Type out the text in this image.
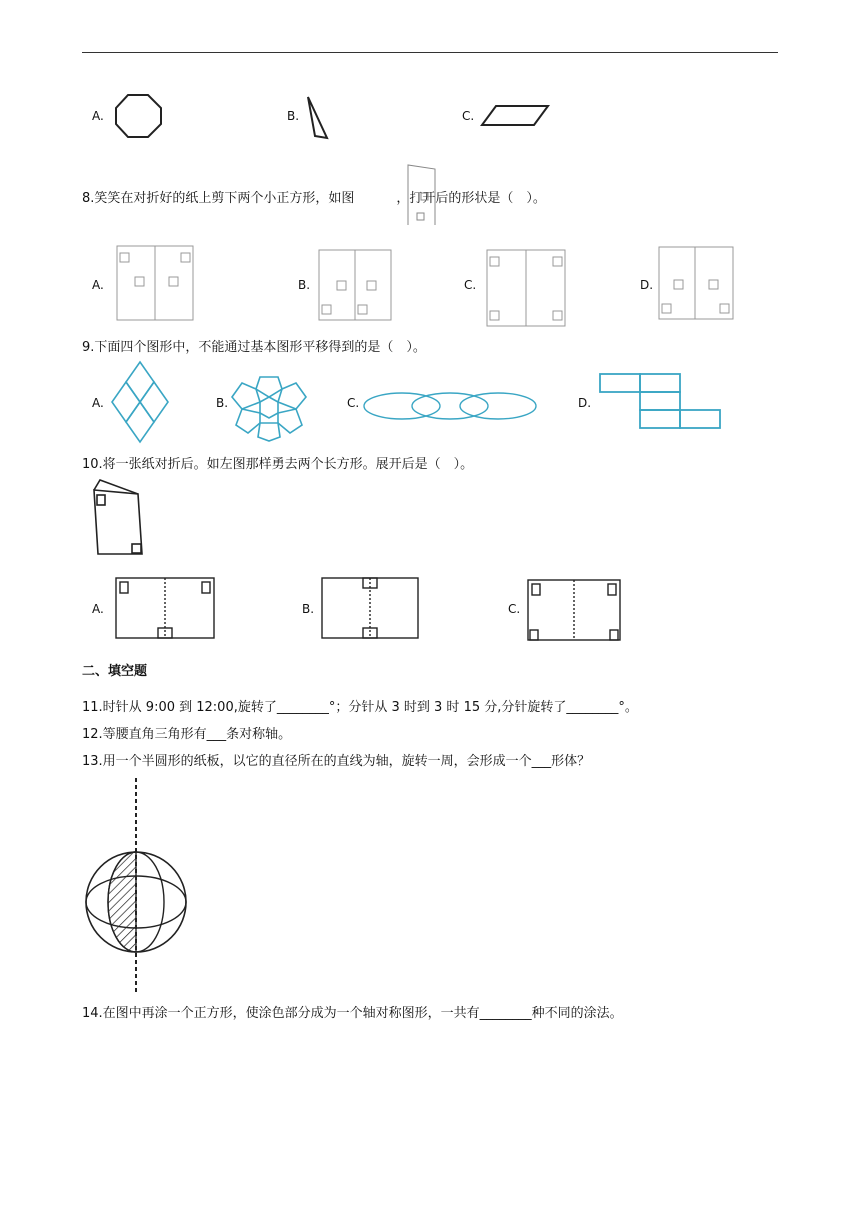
A.	B.	C.
8.笑笑在对折好的纸上剪下两个小正方形，如图	，打开后的形状是（　）。
A.	B.	C.	D.
9.下面四个图形中，不能通过基本图形平移得到的是（　）。
A.	B.	C.	D.
10.将一张纸对折后。如左图那样勇去两个长方形。展开后是（　）。
A.	B.	C.
二、填空题
11.时针从 9:00 到 12:00,旋转了________°；分针从 3 时到 3 时 15 分,分针旋转了________°。
12.等腰直角三角形有___条对称轴。
13.用一个半圆形的纸板，以它的直径所在的直线为轴，旋转一周，会形成一个___形体？
14.在图中再涂一个正方形，使涂色部分成为一个轴对称图形，一共有________种不同的涂法。
